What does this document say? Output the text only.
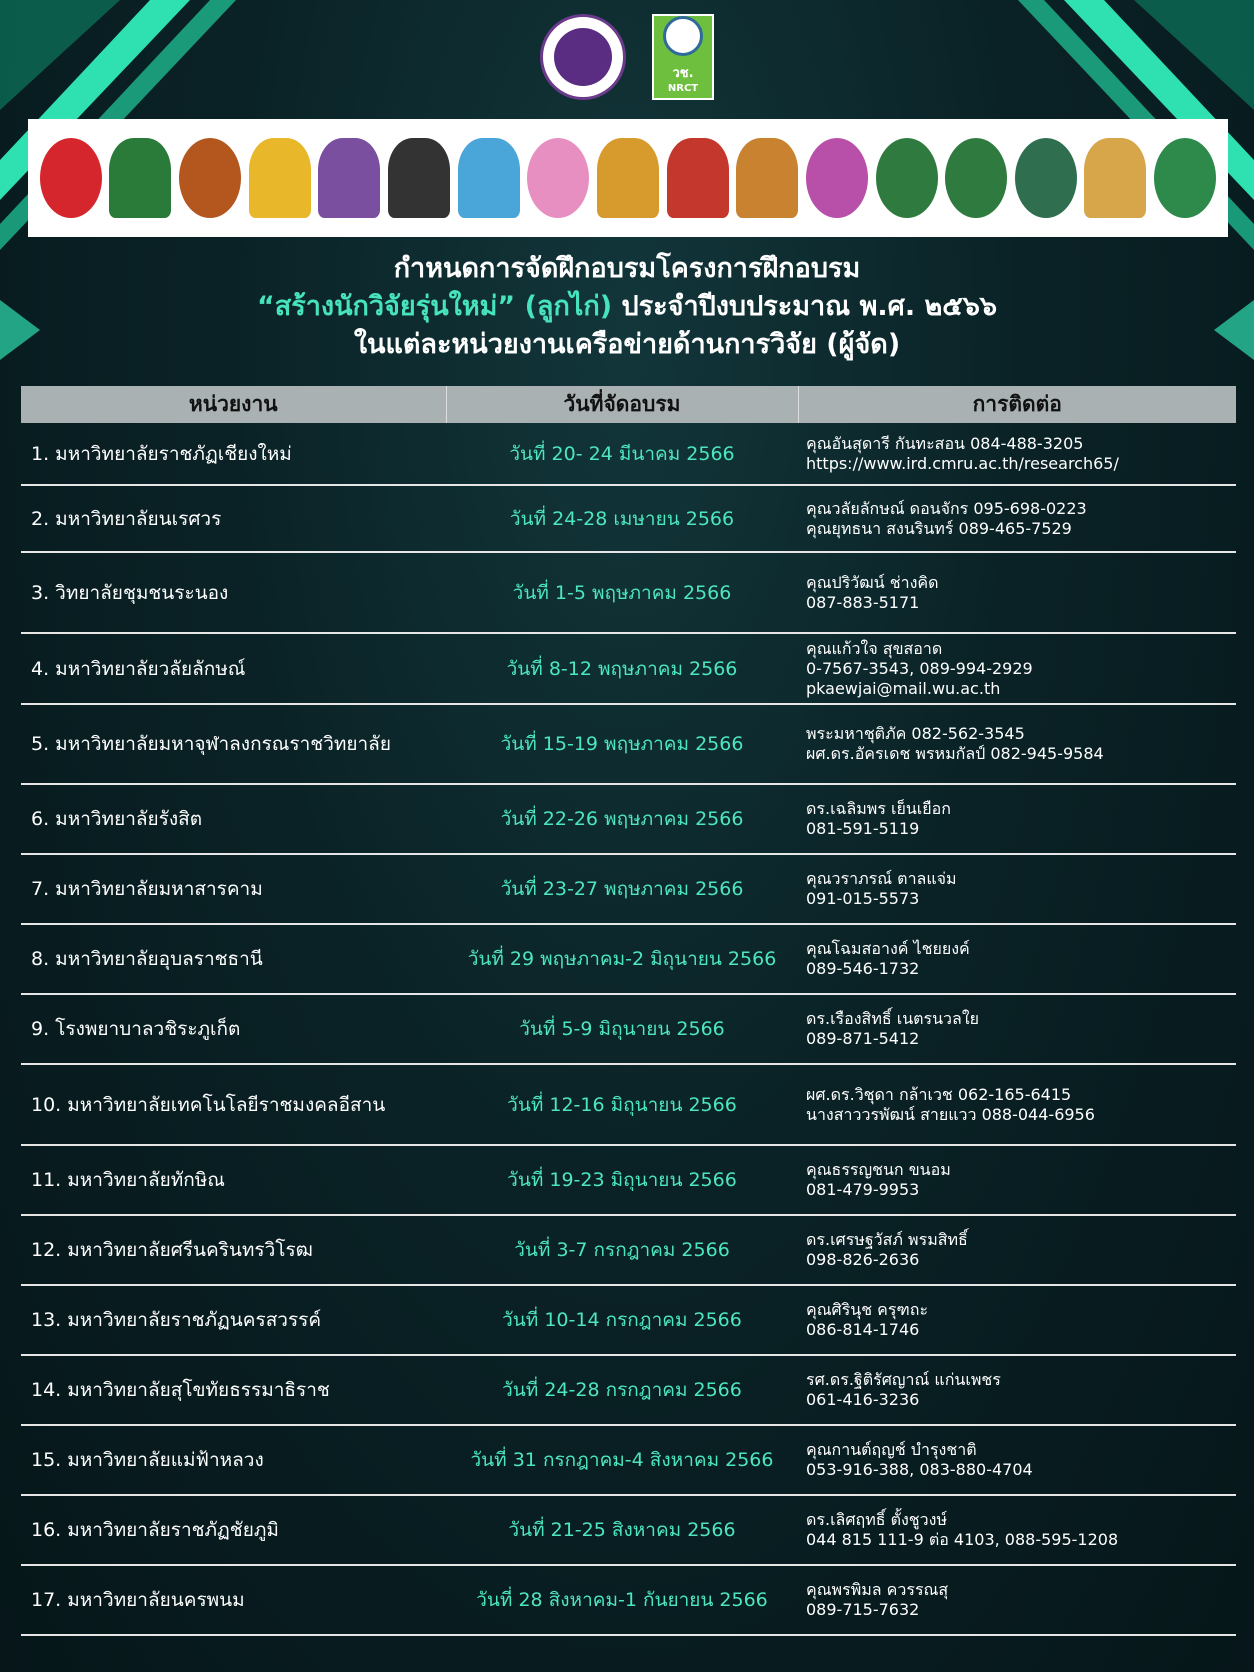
วช.
NRCT
กำหนดการจัดฝึกอบรมโครงการฝึกอบรม
“สร้างนักวิจัยรุ่นใหม่” (ลูกไก่) ประจำปีงบประมาณ พ.ศ. ๒๕๖๖
ในแต่ละหน่วยงานเครือข่ายด้านการวิจัย (ผู้จัด)
หน่วยงาน	วันที่จัดอบรม	การติดต่อ
1. มหาวิทยาลัยราชภัฏเชียงใหม่	วันที่ 20- 24 มีนาคม 2566	คุณอันสุดารี กันทะสอน 084-488-3205
https://www.ird.cmru.ac.th/research65/
2. มหาวิทยาลัยนเรศวร	วันที่ 24-28 เมษายน 2566	คุณวลัยลักษณ์ ดอนจักร 095-698-0223
คุณยุทธนา สงนรินทร์ 089-465-7529
3. วิทยาลัยชุมชนระนอง	วันที่ 1-5 พฤษภาคม 2566	คุณปริวัฒน์ ช่างคิด
087-883-5171
4. มหาวิทยาลัยวลัยลักษณ์	วันที่ 8-12 พฤษภาคม 2566	คุณแก้วใจ สุขสอาด
0-7567-3543, 089-994-2929
pkaewjai@mail.wu.ac.th
5. มหาวิทยาลัยมหาจุฬาลงกรณราชวิทยาลัย	วันที่ 15-19 พฤษภาคม 2566	พระมหาชุติภัค 082-562-3545
ผศ.ดร.อัครเดช พรหมกัลป์ 082-945-9584
6. มหาวิทยาลัยรังสิต	วันที่ 22-26 พฤษภาคม 2566	ดร.เฉลิมพร เย็นเยือก
081-591-5119
7. มหาวิทยาลัยมหาสารคาม	วันที่ 23-27 พฤษภาคม 2566	คุณวราภรณ์ ตาลแจ่ม
091-015-5573
8. มหาวิทยาลัยอุบลราชธานี	วันที่ 29 พฤษภาคม-2 มิถุนายน 2566	คุณโฉมสอางค์ ไชยยงค์
089-546-1732
9. โรงพยาบาลวชิระภูเก็ต	วันที่ 5-9 มิถุนายน 2566	ดร.เรืองสิทธิ์ เนตรนวลใย
089-871-5412
10. มหาวิทยาลัยเทคโนโลยีราชมงคลอีสาน	วันที่ 12-16 มิถุนายน 2566	ผศ.ดร.วิชุดา กล้าเวช 062-165-6415
นางสาววรพัฒน์ สายแวว 088-044-6956
11. มหาวิทยาลัยทักษิณ	วันที่ 19-23 มิถุนายน 2566	คุณธรรญชนก ขนอม
081-479-9953
12. มหาวิทยาลัยศรีนครินทรวิโรฒ	วันที่ 3-7 กรกฎาคม 2566	ดร.เศรษฐวัสภ์ พรมสิทธิ์
098-826-2636
13. มหาวิทยาลัยราชภัฏนครสวรรค์	วันที่ 10-14 กรกฎาคม 2566	คุณศิรินุช ครุฑถะ
086-814-1746
14. มหาวิทยาลัยสุโขทัยธรรมาธิราช	วันที่ 24-28 กรกฎาคม 2566	รศ.ดร.ฐิติรัศญาณ์ แก่นเพชร
061-416-3236
15. มหาวิทยาลัยแม่ฟ้าหลวง	วันที่ 31 กรกฎาคม-4 สิงหาคม 2566	คุณกานต์ฤญช์ บำรุงชาติ
053-916-388, 083-880-4704
16. มหาวิทยาลัยราชภัฏชัยภูมิ	วันที่ 21-25 สิงหาคม 2566	ดร.เลิศฤทธิ์ ตั้งชูวงษ์
044 815 111-9 ต่อ 4103, 088-595-1208
17. มหาวิทยาลัยนครพนม	วันที่ 28 สิงหาคม-1 กันยายน 2566	คุณพรพิมล ควรรณสุ
089-715-7632
